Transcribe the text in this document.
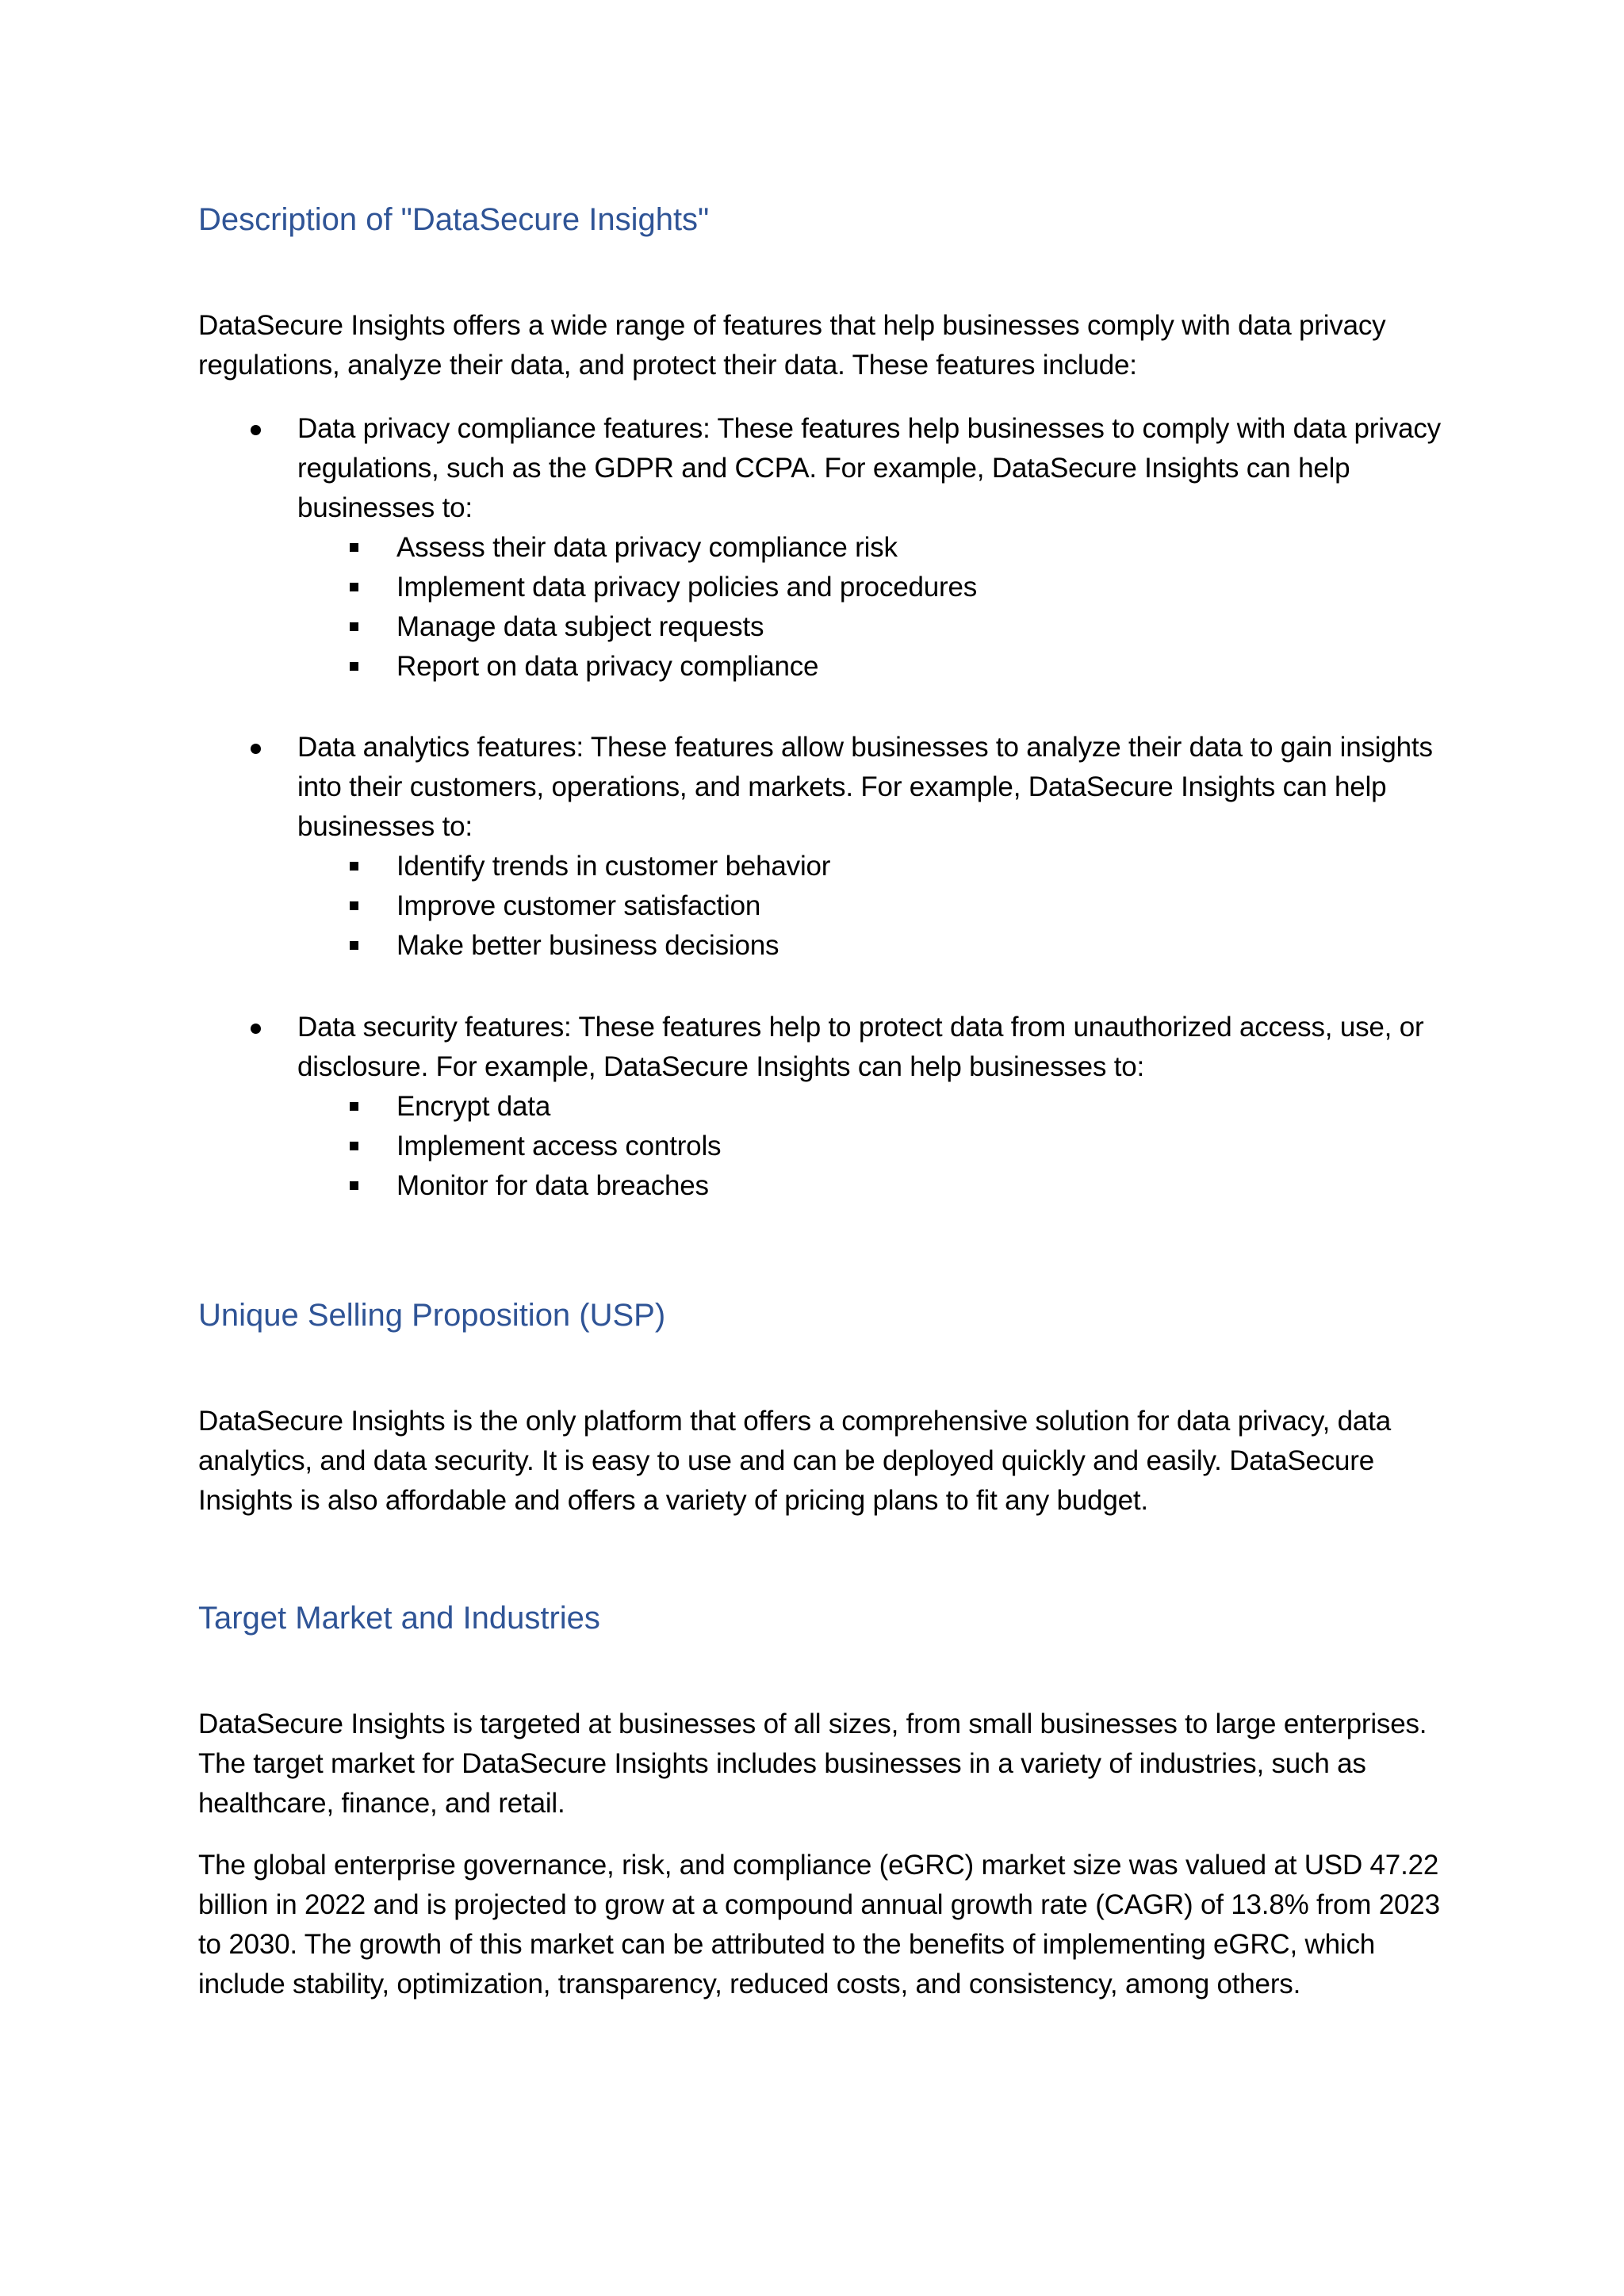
Description of "DataSecure Insights"

DataSecure Insights offers a wide range of features that help businesses comply with data privacy regulations, analyze their data, and protect their data. These features include:

Data privacy compliance features: These features help businesses to comply with data privacy regulations, such as the GDPR and CCPA. For example, DataSecure Insights can help businesses to:
Assess their data privacy compliance risk
Implement data privacy policies and procedures
Manage data subject requests
Report on data privacy compliance
Data analytics features: These features allow businesses to analyze their data to gain insights into their customers, operations, and markets. For example, DataSecure Insights can help businesses to:
Identify trends in customer behavior
Improve customer satisfaction
Make better business decisions
Data security features: These features help to protect data from unauthorized access, use, or disclosure. For example, DataSecure Insights can help businesses to:
Encrypt data
Implement access controls
Monitor for data breaches
Unique Selling Proposition (USP)

DataSecure Insights is the only platform that offers a comprehensive solution for data privacy, data analytics, and data security. It is easy to use and can be deployed quickly and easily. DataSecure Insights is also affordable and offers a variety of pricing plans to fit any budget.

Target Market and Industries

DataSecure Insights is targeted at businesses of all sizes, from small businesses to large enterprises. The target market for DataSecure Insights includes businesses in a variety of industries, such as healthcare, finance, and retail.

The global enterprise governance, risk, and compliance (eGRC) market size was valued at USD 47.22 billion in 2022 and is projected to grow at a compound annual growth rate (CAGR) of 13.8% from 2023 to 2030. The growth of this market can be attributed to the benefits of implementing eGRC, which include stability, optimization, transparency, reduced costs, and consistency, among others.
